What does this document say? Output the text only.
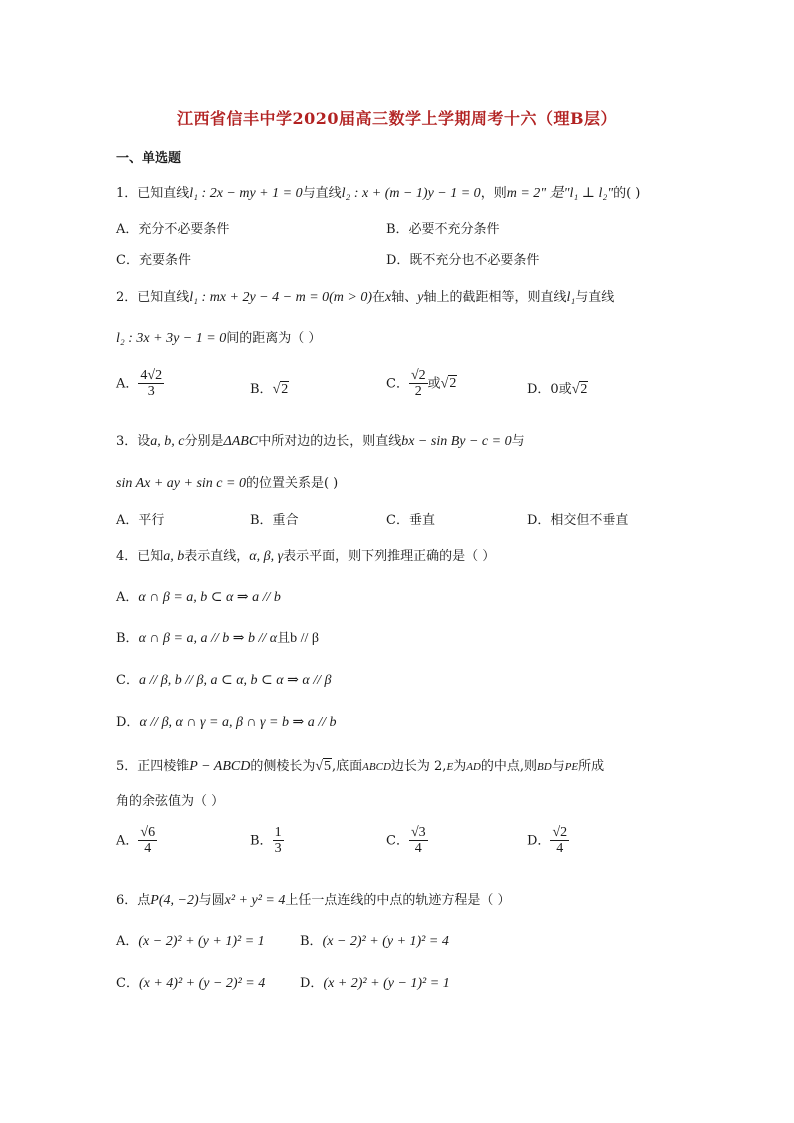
江西省信丰中学2020届高三数学上学期周考十六（理B层）
一、单选题
1．已知直线l₁ : 2x − my + 1 = 0与直线l₂ : x + (m − 1)y − 1 = 0，则m = 2" 是"l₁ ⊥ l₂"的( )
A．充分不必要条件	B．必要不充分条件
C．充要条件	D．既不充分也不必要条件
2．已知直线l₁ : mx + 2y − 4 − m = 0(m > 0)在x轴、y轴上的截距相等，则直线l₁与直线
l₂ : 3x + 3y − 1 = 0间的距离为（ ）
A． $\frac{4√2}{3}$	B．√2	C． $\frac{√2}{2}$ 或√2	D．0或√2
3．设a, b, c分别是ΔABC中所对边的边长，则直线bx − sin By − c = 0与
sin Ax + ay + sin c = 0的位置关系是( )
A．平行	B．重合	C．垂直	D．相交但不垂直
4．已知a, b表示直线，α, β, γ表示平面，则下列推理正确的是（ ）
A．α ∩ β = a, b ⊂ α ⇒ a // b
B．α ∩ β = a, a // b ⇒ b // α且b // β
C．a // β, b // β, a ⊂ α, b ⊂ α ⇒ α // β
D．α // β, α ∩ γ = a, β ∩ γ = b ⇒ a // b
5．正四棱锥P − ABCD的侧棱长为√5,底面ABCD边长为 2,E为AD的中点,则BD与PE所成
角的余弦值为（ ）
A． $\frac{√6}{4}$	B． $\frac{1}{3}$	C． $\frac{√3}{4}$	D． $\frac{√2}{4}$
6．点P(4, −2)与圆x² + y² = 4上任一点连线的中点的轨迹方程是（ ）
A．(x − 2)² + (y + 1)² = 1	B．(x − 2)² + (y + 1)² = 4
C．(x + 4)² + (y − 2)² = 4	D．(x + 2)² + (y − 1)² = 1
